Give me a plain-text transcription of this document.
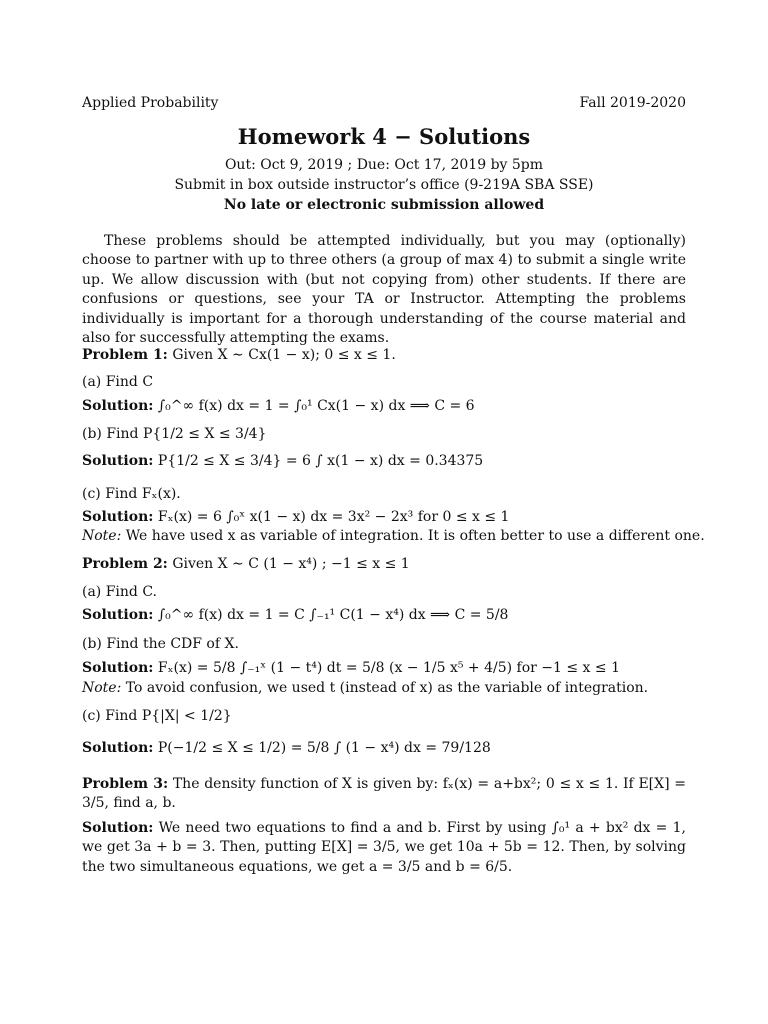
Applied Probability	Fall 2019-2020
Homework 4 − Solutions
Out: Oct 9, 2019 ; Due: Oct 17, 2019 by 5pm
Submit in box outside instructor’s office (9-219A SBA SSE)
No late or electronic submission allowed
These problems should be attempted individually, but you may (optionally) choose to partner with up to three others (a group of max 4) to submit a single write up. We allow discussion with (but not copying from) other students. If there are confusions or questions, see your TA or Instructor. Attempting the problems individually is important for a thorough understanding of the course material and also for successfully attempting the exams.
Problem 1: Given X ∼ Cx(1 − x); 0 ≤ x ≤ 1.
(a) Find C
Solution: ∫₀^∞ f(x) dx = 1 = ∫₀¹ Cx(1 − x) dx ⟹ C = 6
(b) Find P{1/2 ≤ X ≤ 3/4}
Solution: P{1/2 ≤ X ≤ 3/4} = 6 ∫ x(1 − x) dx = 0.34375
(c) Find Fₓ(x).
Solution: Fₓ(x) = 6 ∫₀ˣ x(1 − x) dx = 3x² − 2x³ for 0 ≤ x ≤ 1
Note: We have used x as variable of integration. It is often better to use a different one.
Problem 2: Given X ∼ C (1 − x⁴) ; −1 ≤ x ≤ 1
(a) Find C.
Solution: ∫₀^∞ f(x) dx = 1 = C ∫₋₁¹ C(1 − x⁴) dx ⟹ C = 5/8
(b) Find the CDF of X.
Solution: Fₓ(x) = 5/8 ∫₋₁ˣ (1 − t⁴) dt = 5/8 (x − 1/5 x⁵ + 4/5) for −1 ≤ x ≤ 1
Note: To avoid confusion, we used t (instead of x) as the variable of integration.
(c) Find P{|X| < 1/2}
Solution: P(−1/2 ≤ X ≤ 1/2) = 5/8 ∫ (1 − x⁴) dx = 79/128
Problem 3: The density function of X is given by: fₓ(x) = a+bx²; 0 ≤ x ≤ 1. If E[X] = 3/5, find a, b.
Solution: We need two equations to find a and b. First by using ∫₀¹ a + bx² dx = 1, we get 3a + b = 3. Then, putting E[X] = 3/5, we get 10a + 5b = 12. Then, by solving the two simultaneous equations, we get a = 3/5 and b = 6/5.
